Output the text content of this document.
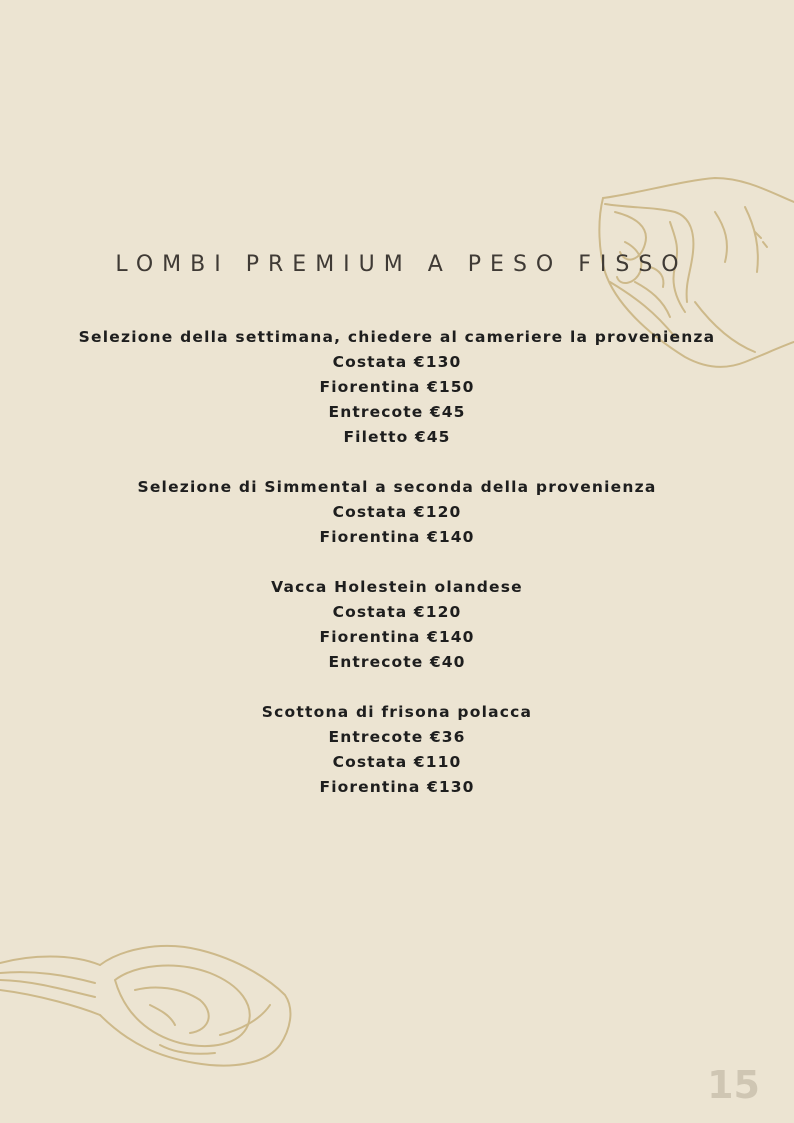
LOMBI PREMIUM A PESO FISSO
Selezione della settimana, chiedere al cameriere la provenienza
Costata €130
Fiorentina €150
Entrecote €45
Filetto €45
Selezione di Simmental a seconda della provenienza
Costata €120
Fiorentina €140
Vacca Holestein olandese
Costata €120
Fiorentina €140
Entrecote €40
Scottona di frisona polacca
Entrecote €36
Costata €110
Fiorentina €130
15
